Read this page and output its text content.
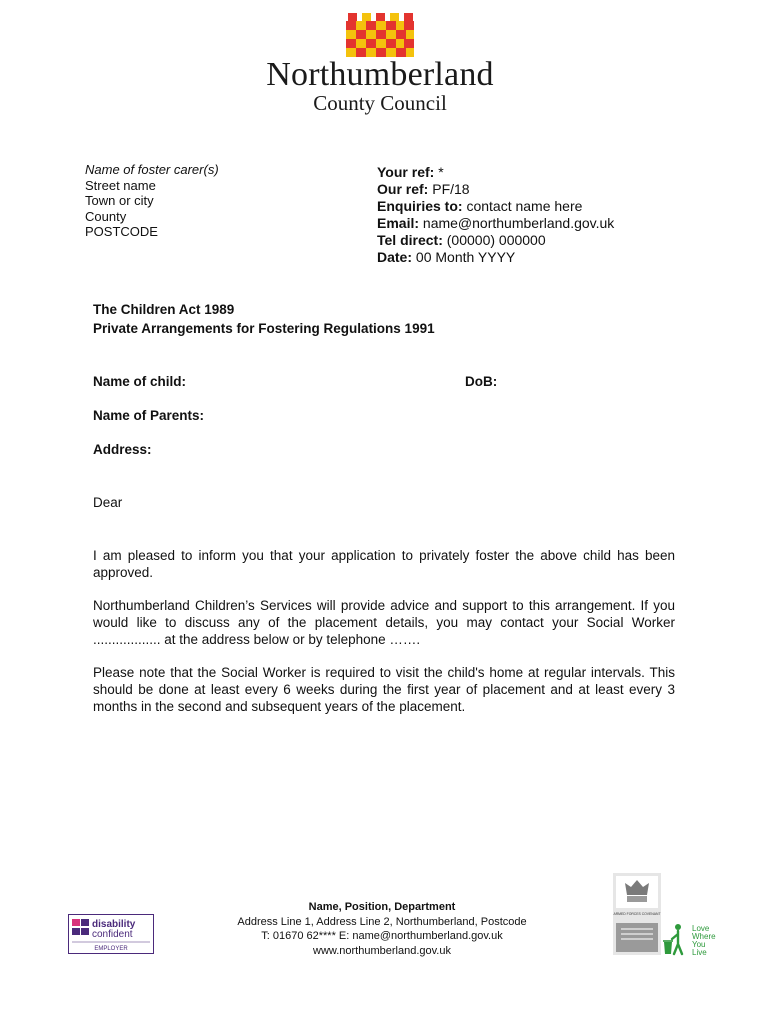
Northumberland
County Council
Name of foster carer(s)
Street name
Town or city
County
POSTCODE
Your ref: *
Our ref: PF/18
Enquiries to: contact name here
Email: name@northumberland.gov.uk
Tel direct: (00000) 000000
Date: 00 Month YYYY
The Children Act 1989
Private Arrangements for Fostering Regulations 1991
Name of child:	DoB:
Name of Parents:
Address:
Dear
I am pleased to inform you that your application to privately foster the above child has been approved.
Northumberland Children’s Services will provide advice and support to this arrangement. If you would like to discuss any of the placement details, you may contact your Social Worker .................. at the address below or by telephone …….
Please note that the Social Worker is required to visit the child's home at regular intervals. This should be done at least every 6 weeks during the first year of placement and at least every 3 months in the second and subsequent years of the placement.
Name, Position, Department
Address Line 1, Address Line 2, Northumberland, Postcode
T: 01670 62**** E: name@northumberland.gov.uk
www.northumberland.gov.uk
disability
confident
EMPLOYER
ARMED FORCES COVENANT
Love
Where
You
Live
